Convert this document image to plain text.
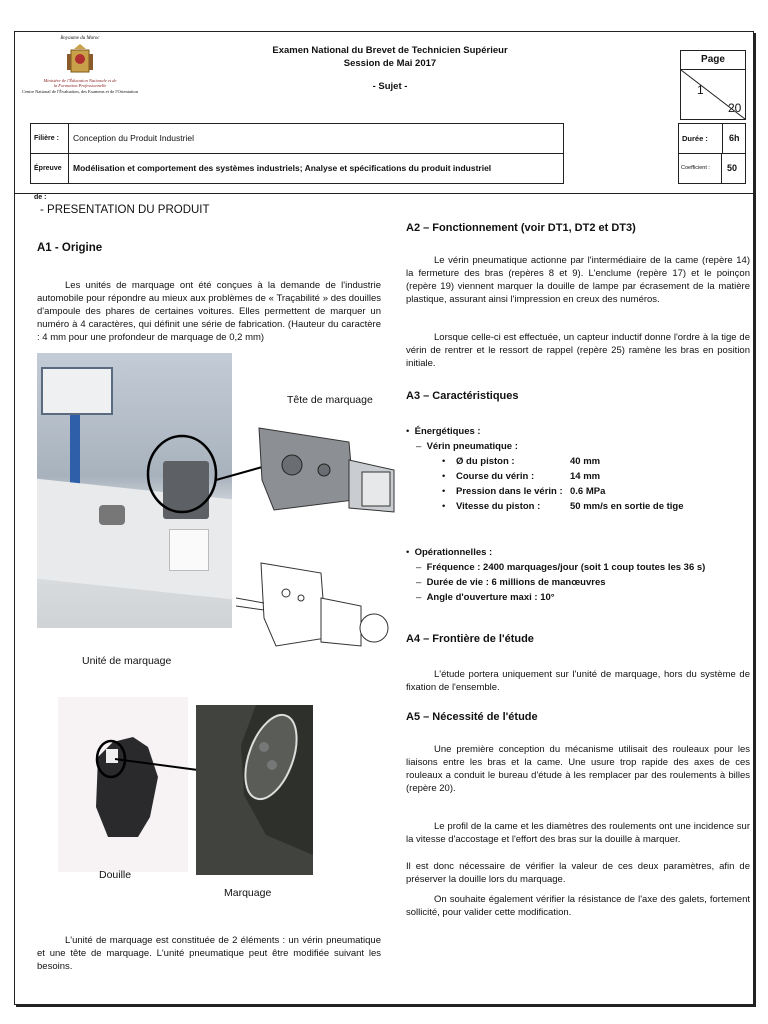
Royaume du Maroc
Ministère de l'Éducation Nationale et de
la Formation Professionnelle
Centre National de l'Évaluation, des Examens et de l'Orientation
Examen National du Brevet de Technicien Supérieur
Session de Mai 2017
- Sujet -
Page
1
20
Filière :	Conception du Produit Industriel
Épreuve de :
Modélisation et comportement des systèmes industriels; Analyse et spécifications du produit industriel
Durée :	6h
Coefficient :	50
- PRESENTATION DU PRODUIT
A1 - Origine

Les unités de marquage ont été conçues à la demande de l'industrie automobile pour répondre au mieux aux problèmes de « Traçabilité » des douilles d'ampoule des phares de certaines voitures. Elles permettent de marquer un numéro à 4 caractères, qui définit une série de fabrication. (Hauteur du caractère : 4 mm pour une profondeur de marquage de 0,2 mm)

Tête de marquage
Unité de marquage
Douille
Marquage

L'unité de marquage est constituée de 2 éléments : un vérin pneumatique et une tête de marquage. L'unité pneumatique peut être modifiée suivant les besoins.

A2 – Fonctionnement (voir DT1, DT2 et DT3)

Le vérin pneumatique actionne par l'intermédiaire de la came (repère 14) la fermeture des bras (repères 8 et 9). L'enclume (repère 17) et le poinçon (repère 19) viennent marquer la douille de lampe par écrasement de la matière plastique, assurant ainsi l'impression en creux des numéros.

Lorsque celle-ci est effectuée, un capteur inductif donne l'ordre à la tige de vérin de rentrer et le ressort de rappel (repère 25) ramène les bras en position initiale.

A3 – Caractéristiques
•  Énergétiques :
–  Vérin pneumatique :
•	Ø du piston :	40 mm
•	Course du vérin :	14 mm
•	Pression dans le vérin : 0.6 MPa
•	Vitesse du piston :	50 mm/s en sortie de tige
•  Opérationnelles :
–  Fréquence : 2400 marquages/jour (soit 1 coup toutes les 36 s)
–  Durée de vie : 6 millions de manœuvres
–  Angle d'ouverture maxi : 10°
A4 – Frontière de l'étude

L'étude portera uniquement sur l'unité de marquage, hors du système de fixation de l'ensemble.

A5 – Nécessité de l'étude

Une première conception du mécanisme utilisait des rouleaux pour les liaisons entre les bras et la came. Une usure trop rapide des axes de ces rouleaux a conduit le bureau d'étude à les remplacer par des roulements à billes (repère 20).

Le profil de la came et les diamètres des roulements ont une incidence sur la vitesse d'accostage et l'effort des bras sur la douille à marquer.

Il est donc nécessaire de vérifier la valeur de ces deux paramètres, afin de préserver la douille lors du marquage.

On souhaite également vérifier la résistance de l'axe des galets, fortement sollicité, pour valider cette modification.
